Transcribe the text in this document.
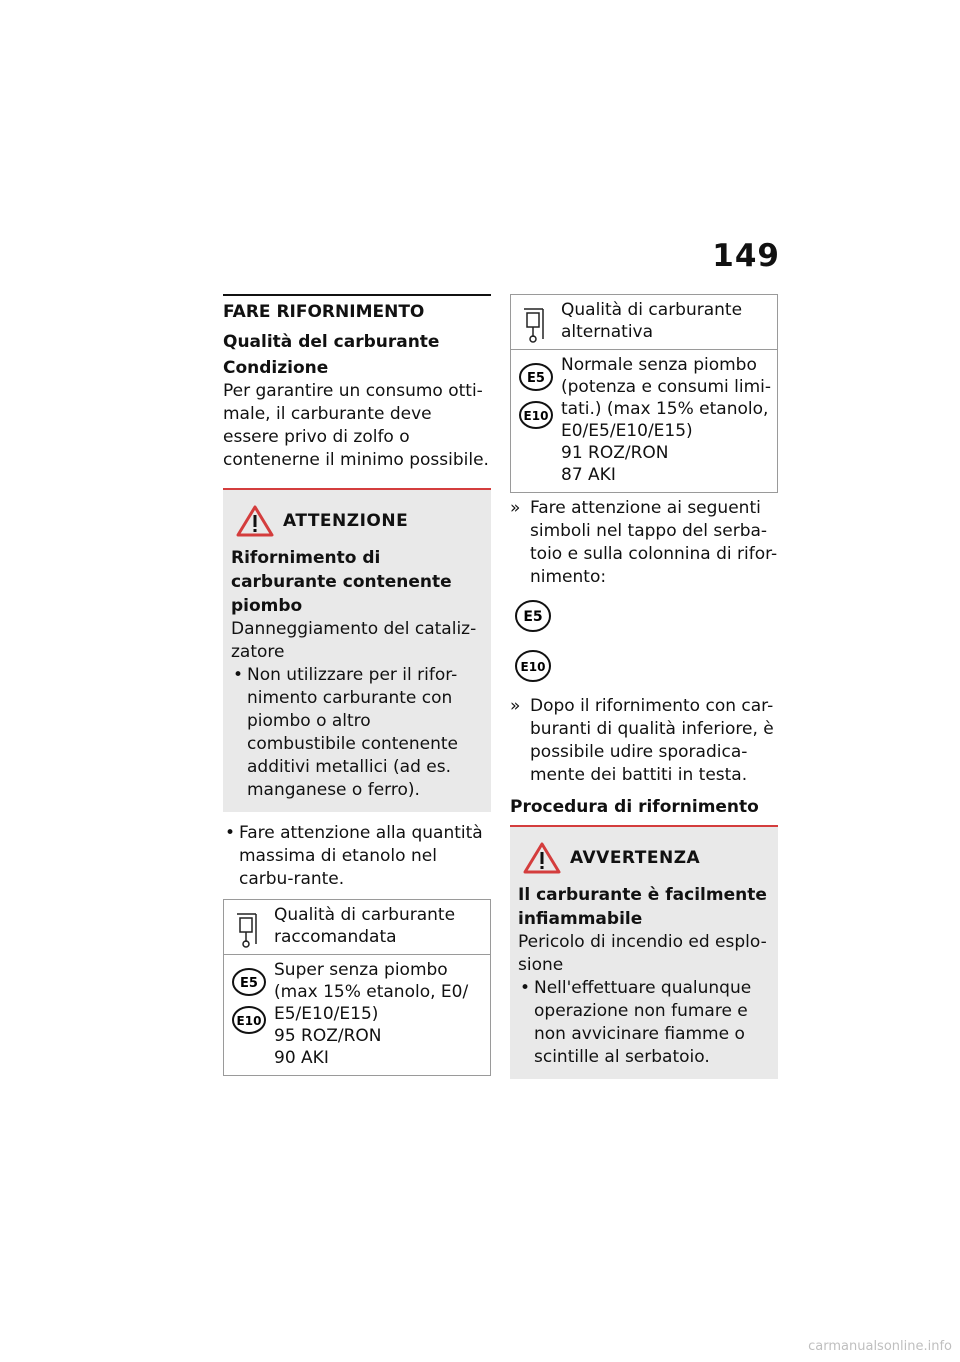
149
FARE RIFORNIMENTO
Qualità del carburante
Condizione
Per garantire un consumo otti-male, il carburante deve essere privo di zolfo o contenerne il minimo possibile.
ATTENZIONE
Rifornimento di carburante contenente piombo
Danneggiamento del cataliz-zatore
• Non utilizzare per il rifor-nimento carburante con piombo o altro combustibile contenente additivi metallici (ad es. manganese o ferro).
• Fare attenzione alla quantità massima di etanolo nel carbu-rante.
Qualità di carburante raccomandata
E5
E10
Super senza piombo
(max 15% etanolo, E0/
E5/E10/E15)
95 ROZ/RON
90 AKI
Qualità di carburante alternativa
E5
E10
Normale senza piombo
(potenza e consumi limi-
tati.) (max 15% etanolo,
E0/E5/E10/E15)
91 ROZ/RON
87 AKI
» Fare attenzione ai seguenti simboli nel tappo del serba-toio e sulla colonnina di rifor-nimento:
E5
E10
» Dopo il rifornimento con car-buranti di qualità inferiore, è possibile udire sporadica-mente dei battiti in testa.
Procedura di rifornimento
AVVERTENZA
Il carburante è facilmente infiammabile
Pericolo di incendio ed esplo-sione
• Nell'effettuare qualunque operazione non fumare e non avvicinare fiamme o scintille al serbatoio.
carmanualsonline.info
